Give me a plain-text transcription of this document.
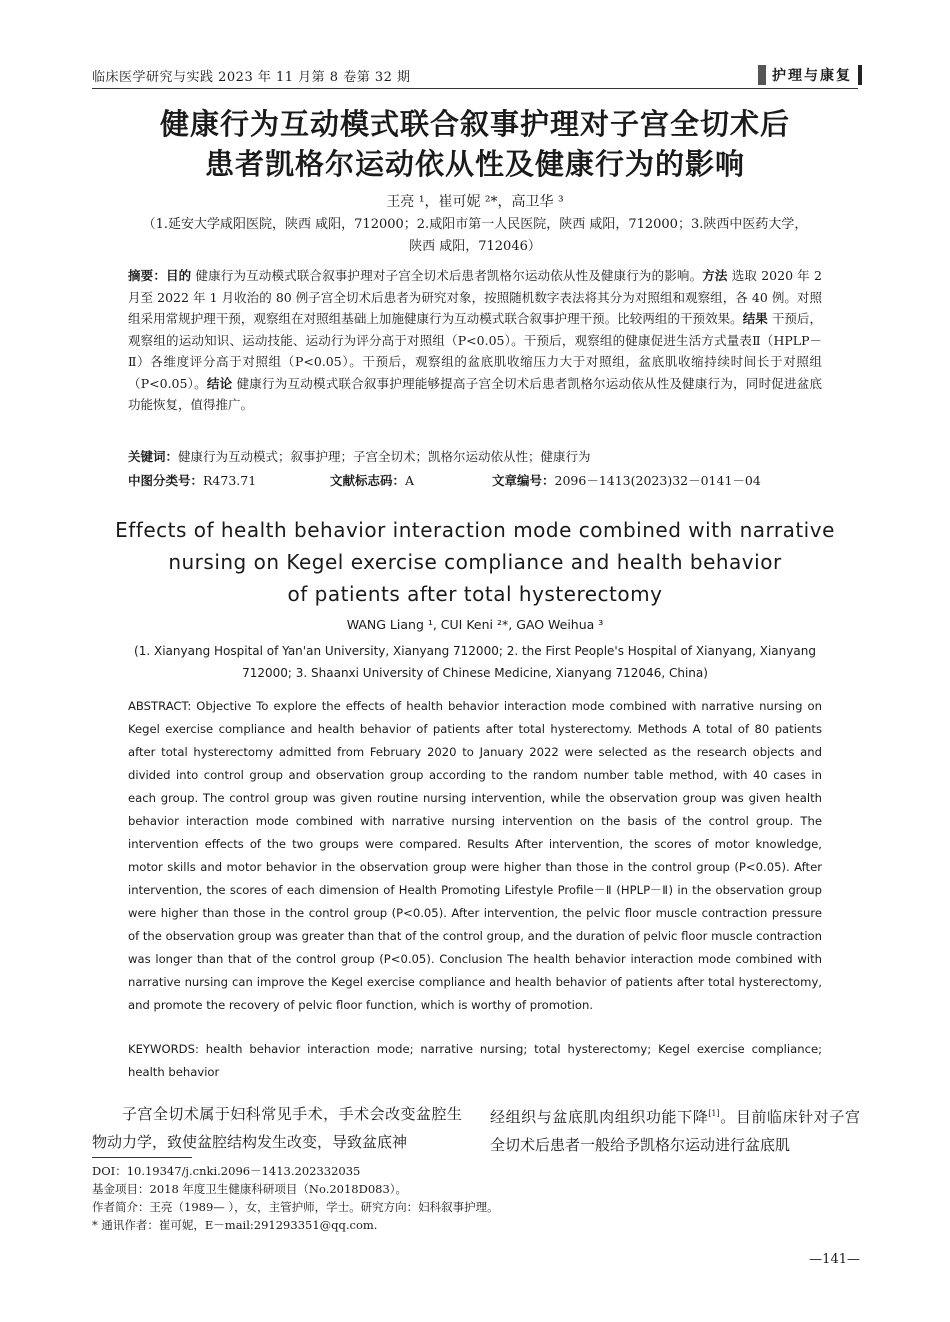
临床医学研究与实践 2023 年 11 月第 8 卷第 32 期	护理与康复
健康行为互动模式联合叙事护理对子宫全切术后
患者凯格尔运动依从性及健康行为的影响
王亮 ¹，崔可妮 ²*，高卫华 ³
（1.延安大学咸阳医院，陕西 咸阳，712000；2.咸阳市第一人民医院，陕西 咸阳，712000；3.陕西中医药大学，
陕西 咸阳，712046）
摘要：目的 健康行为互动模式联合叙事护理对子宫全切术后患者凯格尔运动依从性及健康行为的影响。方法 选取 2020 年 2 月至 2022 年 1 月收治的 80 例子宫全切术后患者为研究对象，按照随机数字表法将其分为对照组和观察组，各 40 例。对照组采用常规护理干预，观察组在对照组基础上加施健康行为互动模式联合叙事护理干预。比较两组的干预效果。结果 干预后，观察组的运动知识、运动技能、运动行为评分高于对照组（P<0.05）。干预后，观察组的健康促进生活方式量表Ⅱ（HPLP－Ⅱ）各维度评分高于对照组（P<0.05）。干预后，观察组的盆底肌收缩压力大于对照组，盆底肌收缩持续时间长于对照组（P<0.05）。结论 健康行为互动模式联合叙事护理能够提高子宫全切术后患者凯格尔运动依从性及健康行为，同时促进盆底功能恢复，值得推广。
关键词：健康行为互动模式；叙事护理；子宫全切术；凯格尔运动依从性；健康行为
中图分类号：R473.71	文献标志码：A	文章编号：2096－1413(2023)32－0141－04
Effects of health behavior interaction mode combined with narrative
nursing on Kegel exercise compliance and health behavior
of patients after total hysterectomy
WANG Liang ¹, CUI Keni ²*, GAO Weihua ³
(1. Xianyang Hospital of Yan'an University, Xianyang 712000; 2. the First People's Hospital of Xianyang, Xianyang
712000; 3. Shaanxi University of Chinese Medicine, Xianyang 712046, China)
ABSTRACT: Objective To explore the effects of health behavior interaction mode combined with narrative nursing on Kegel exercise compliance and health behavior of patients after total hysterectomy. Methods A total of 80 patients after total hysterectomy admitted from February 2020 to January 2022 were selected as the research objects and divided into control group and observation group according to the random number table method, with 40 cases in each group. The control group was given routine nursing intervention, while the observation group was given health behavior interaction mode combined with narrative nursing intervention on the basis of the control group. The intervention effects of the two groups were compared. Results After intervention, the scores of motor knowledge, motor skills and motor behavior in the observation group were higher than those in the control group (P<0.05). After intervention, the scores of each dimension of Health Promoting Lifestyle Profile－Ⅱ (HPLP－Ⅱ) in the observation group were higher than those in the control group (P<0.05). After intervention, the pelvic floor muscle contraction pressure of the observation group was greater than that of the control group, and the duration of pelvic floor muscle contraction was longer than that of the control group (P<0.05). Conclusion The health behavior interaction mode combined with narrative nursing can improve the Kegel exercise compliance and health behavior of patients after total hysterectomy, and promote the recovery of pelvic floor function, which is worthy of promotion.
KEYWORDS: health behavior interaction mode; narrative nursing; total hysterectomy; Kegel exercise compliance; health behavior
子宫全切术属于妇科常见手术，手术会改变盆腔生物动力学，致使盆腔结构发生改变，导致盆底神
经组织与盆底肌肉组织功能下降[1]。目前临床针对子宫全切术后患者一般给予凯格尔运动进行盆底肌
DOI：10.19347/j.cnki.2096－1413.202332035
基金项目：2018 年度卫生健康科研项目（No.2018D083）。
作者简介：王亮（1989— ），女，主管护师，学士。研究方向：妇科叙事护理。
* 通讯作者：崔可妮，E－mail:291293351@qq.com.
—141—
